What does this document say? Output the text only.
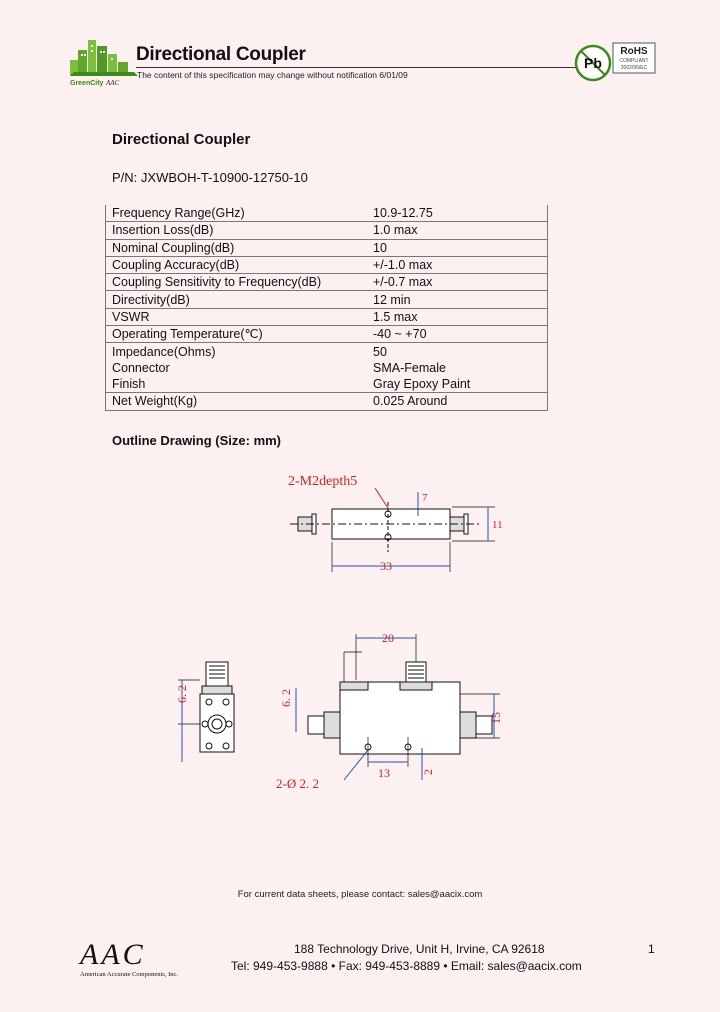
GreenCity AAC
Directional Coupler
The content of this specification may change without notification 6/01/09
Pb
RoHS
COMPLIANT
2002/95/EC
Directional Coupler
P/N: JXWBOH-T-10900-12750-10
Frequency Range(GHz)	10.9-12.75
Insertion Loss(dB)	1.0 max
Nominal Coupling(dB)	10
Coupling Accuracy(dB)	+/-1.0 max
Coupling Sensitivity to Frequency(dB)	+/-0.7 max
Directivity(dB)	12 min
VSWR	1.5 max
Operating Temperature(℃)	-40 ~ +70
Impedance(Ohms)	50
Connector	SMA-Female
Finish	Gray Epoxy Paint
Net Weight(Kg)	0.025 Around
Outline Drawing (Size: mm)
2-M2depth5
7
11
33
6. 2
20
6. 2
15
13	2
2-Ø 2. 2
For current data sheets, please contact: sales@aacix.com
AAC
American Accurate Components, Inc.
188 Technology Drive, Unit H, Irvine, CA 92618
Tel: 949-453-9888 • Fax: 949-453-8889 • Email: sales@aacix.com
1
